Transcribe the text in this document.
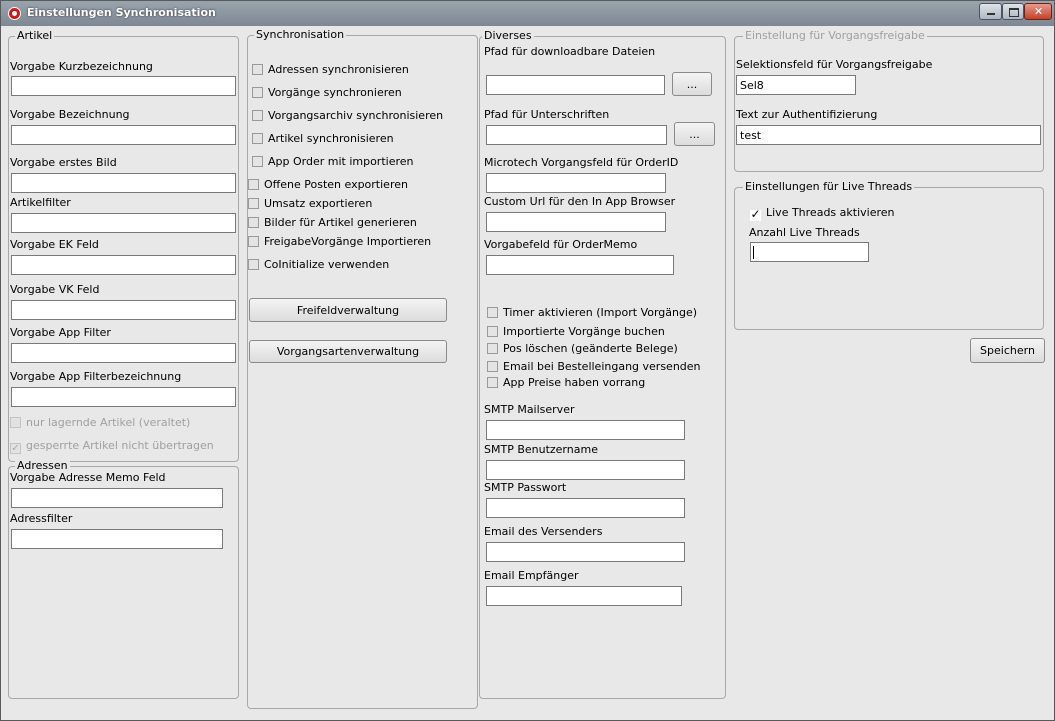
Einstellungen Synchronisation	✕
Artikel
Vorgabe Kurzbezeichnung
Vorgabe Bezeichnung
Vorgabe erstes Bild
Artikelfilter
Vorgabe EK Feld
Vorgabe VK Feld
Vorgabe App Filter
Vorgabe App Filterbezeichnung
nur lagernde Artikel (veraltet)
✓ gesperrte Artikel nicht übertragen
Adressen
Vorgabe Adresse Memo Feld
Adressfilter
Synchronisation
Adressen synchronisieren
Vorgänge synchronieren
Vorgangsarchiv synchronisieren
Artikel synchronisieren
App Order mit importieren
Offene Posten exportieren
Umsatz exportieren
Bilder für Artikel generieren
FreigabeVorgänge Importieren
CoInitialize verwenden
Freifeldverwaltung
Vorgangsartenverwaltung
Diverses
Pfad für downloadbare Dateien
...
Pfad für Unterschriften
...
Microtech Vorgangsfeld für OrderID
Custom Url für den In App Browser
Vorgabefeld für OrderMemo
Timer aktivieren (Import Vorgänge)
Importierte Vorgänge buchen
Pos löschen (geänderte Belege)
Email bei Bestelleingang versenden
App Preise haben vorrang
SMTP Mailserver
SMTP Benutzername
SMTP Passwort
Email des Versenders
Email Empfänger
Einstellung für Vorgangsfreigabe
Selektionsfeld für Vorgangsfreigabe
Sel8
Text zur Authentifizierung
test
Einstellungen für Live Threads
✓ Live Threads aktivieren
Anzahl Live Threads
Speichern
